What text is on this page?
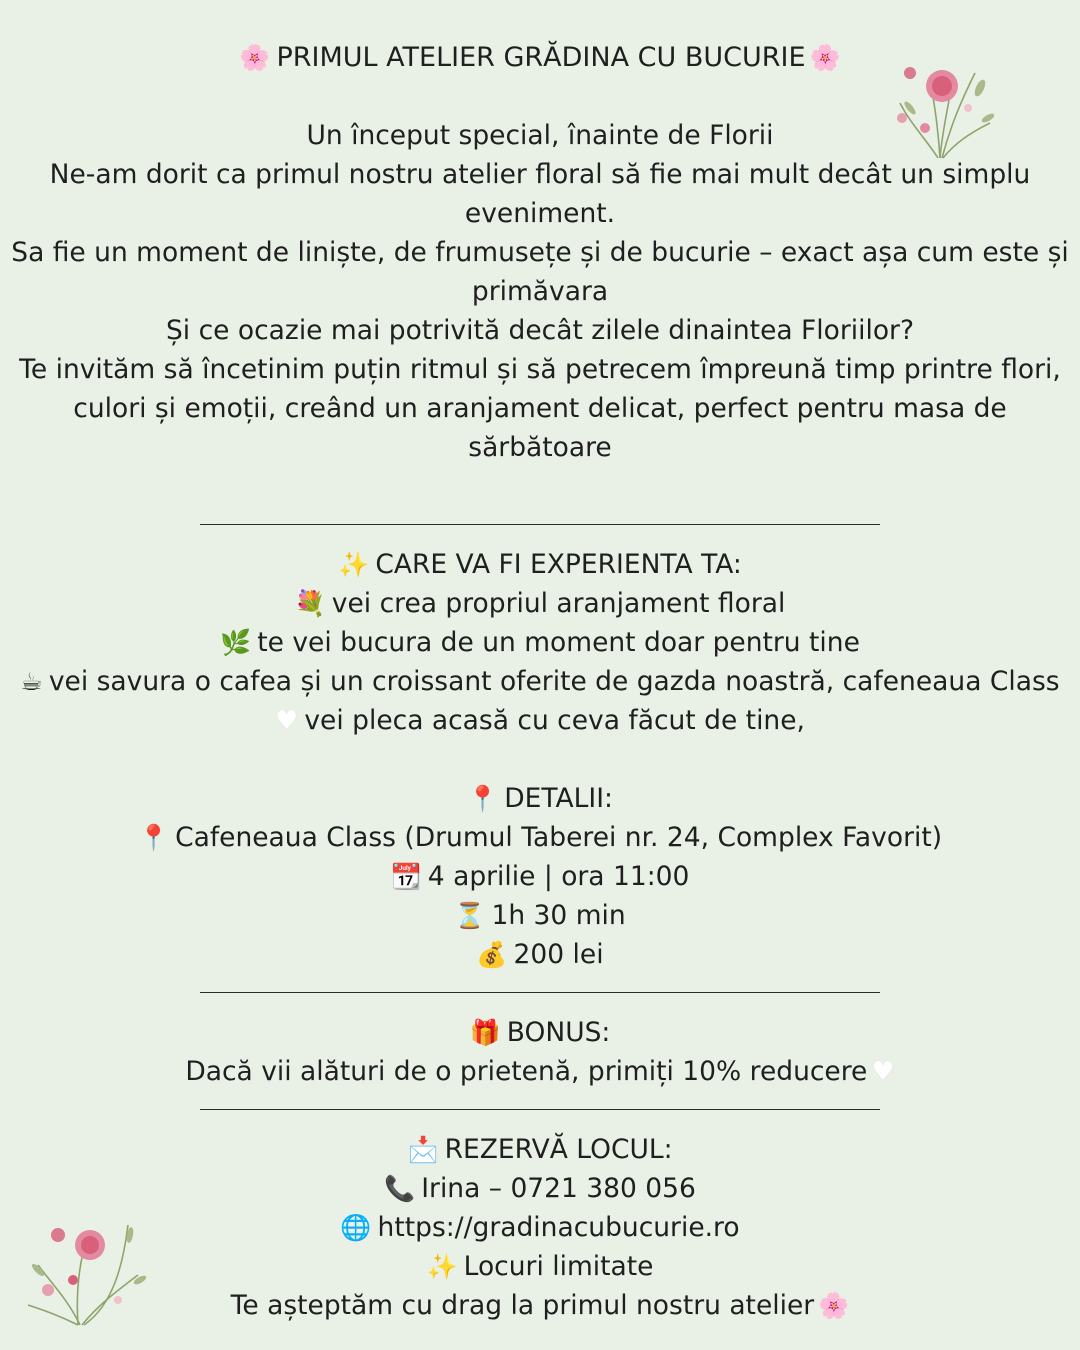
🌸 PRIMUL ATELIER GRĂDINA CU BUCURIE 🌸
Un început special, înainte de Florii
Ne-am dorit ca primul nostru atelier floral să fie mai mult decât un simplu
eveniment.
Sa fie un moment de liniște, de frumusețe și de bucurie – exact așa cum este și
primăvara
Și ce ocazie mai potrivită decât zilele dinaintea Floriilor?
Te invităm să încetinim puțin ritmul și să petrecem împreună timp printre flori,
culori și emoții, creând un aranjament delicat, perfect pentru masa de
sărbătoare
✨ CARE VA FI EXPERIENTA TA:
💐 vei crea propriul aranjament floral
🌿 te vei bucura de un moment doar pentru tine
☕ vei savura o cafea și un croissant oferite de gazda noastră, cafeneaua Class
♥ vei pleca acasă cu ceva făcut de tine,
📍 DETALII:
📍 Cafeneaua Class (Drumul Taberei nr. 24, Complex Favorit)
📆 4 aprilie | ora 11:00
⏳ 1h 30 min
💰 200 lei
🎁 BONUS:
Dacă vii alături de o prietenă, primiți 10% reducere ♥
📩 REZERVĂ LOCUL:
📞 Irina – 0721 380 056
🌐 https://gradinacubucurie.ro
✨ Locuri limitate
Te așteptăm cu drag la primul nostru atelier 🌸
